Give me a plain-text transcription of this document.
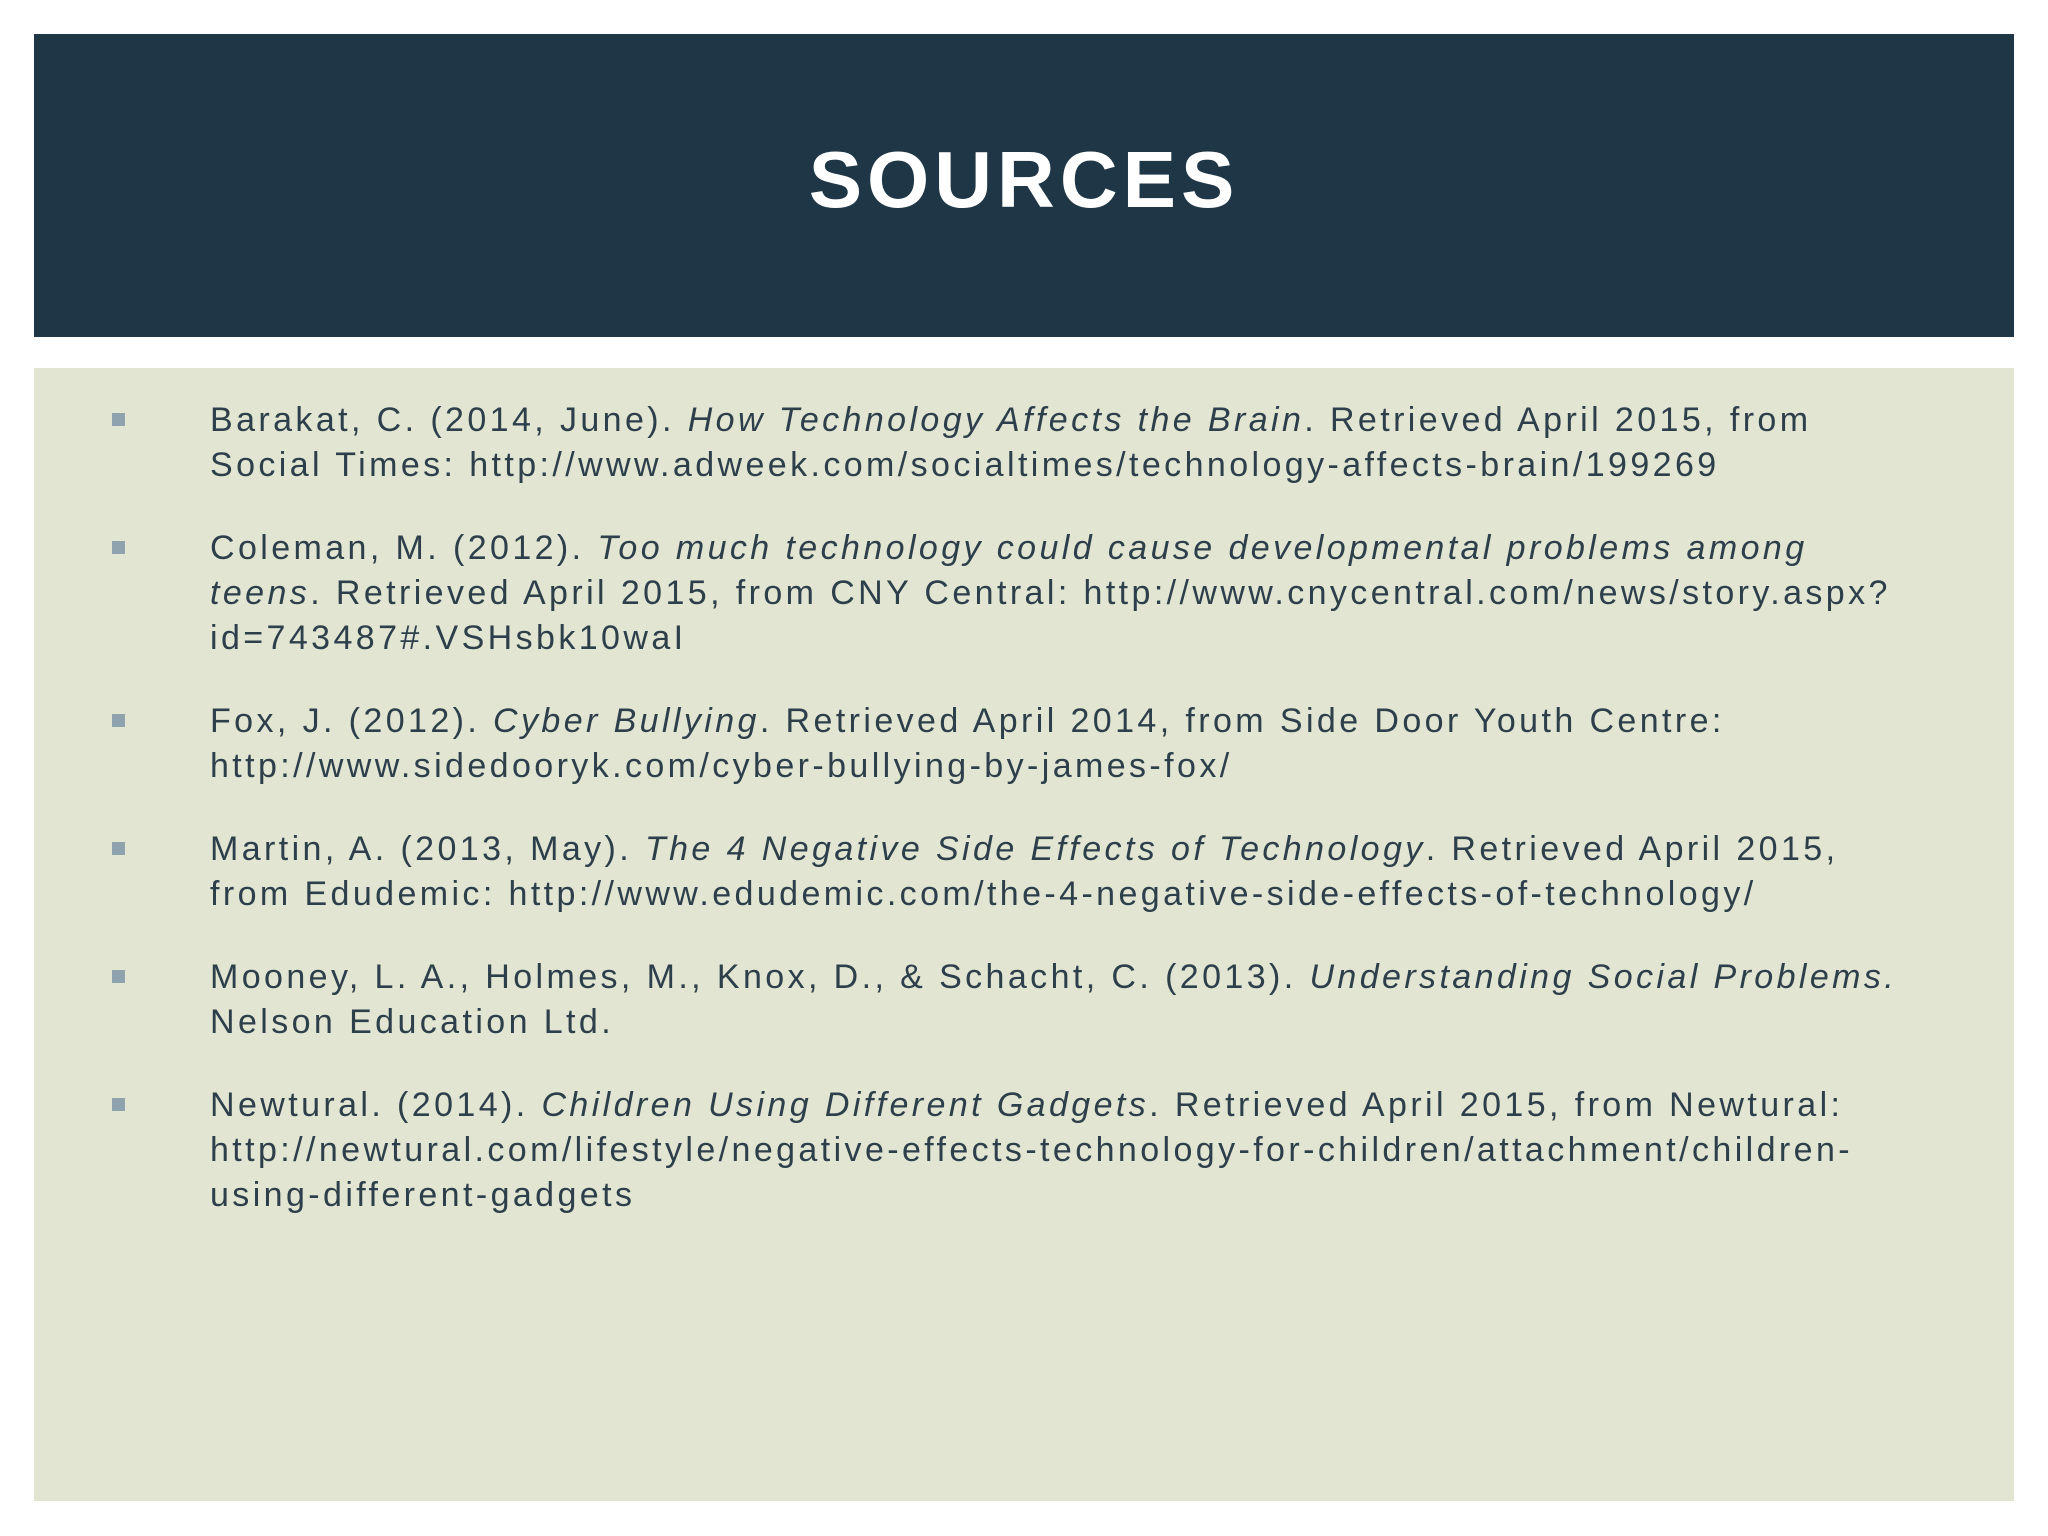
SOURCES
Barakat, C. (2014, June). How Technology Affects the Brain. Retrieved April 2015, from Social Times: http://www.adweek.com/socialtimes/technology-affects-brain/199269
Coleman, M. (2012). Too much technology could cause developmental problems among teens. Retrieved April 2015, from CNY Central: http://www.cnycentral.com/news/story.aspx?id=743487#.VSHsbk10waI
Fox, J. (2012). Cyber Bullying. Retrieved April 2014, from Side Door Youth Centre: http://www.sidedooryk.com/cyber-bullying-by-james-fox/
Martin, A. (2013, May). The 4 Negative Side Effects of Technology. Retrieved April 2015, from Edudemic: http://www.edudemic.com/the-4-negative-side-effects-of-technology/
Mooney, L. A., Holmes, M., Knox, D., & Schacht, C. (2013). Understanding Social Problems. Nelson Education Ltd.
Newtural. (2014). Children Using Different Gadgets. Retrieved April 2015, from Newtural: http://newtural.com/lifestyle/negative-effects-technology-for-children/attachment/children-using-different-gadgets
